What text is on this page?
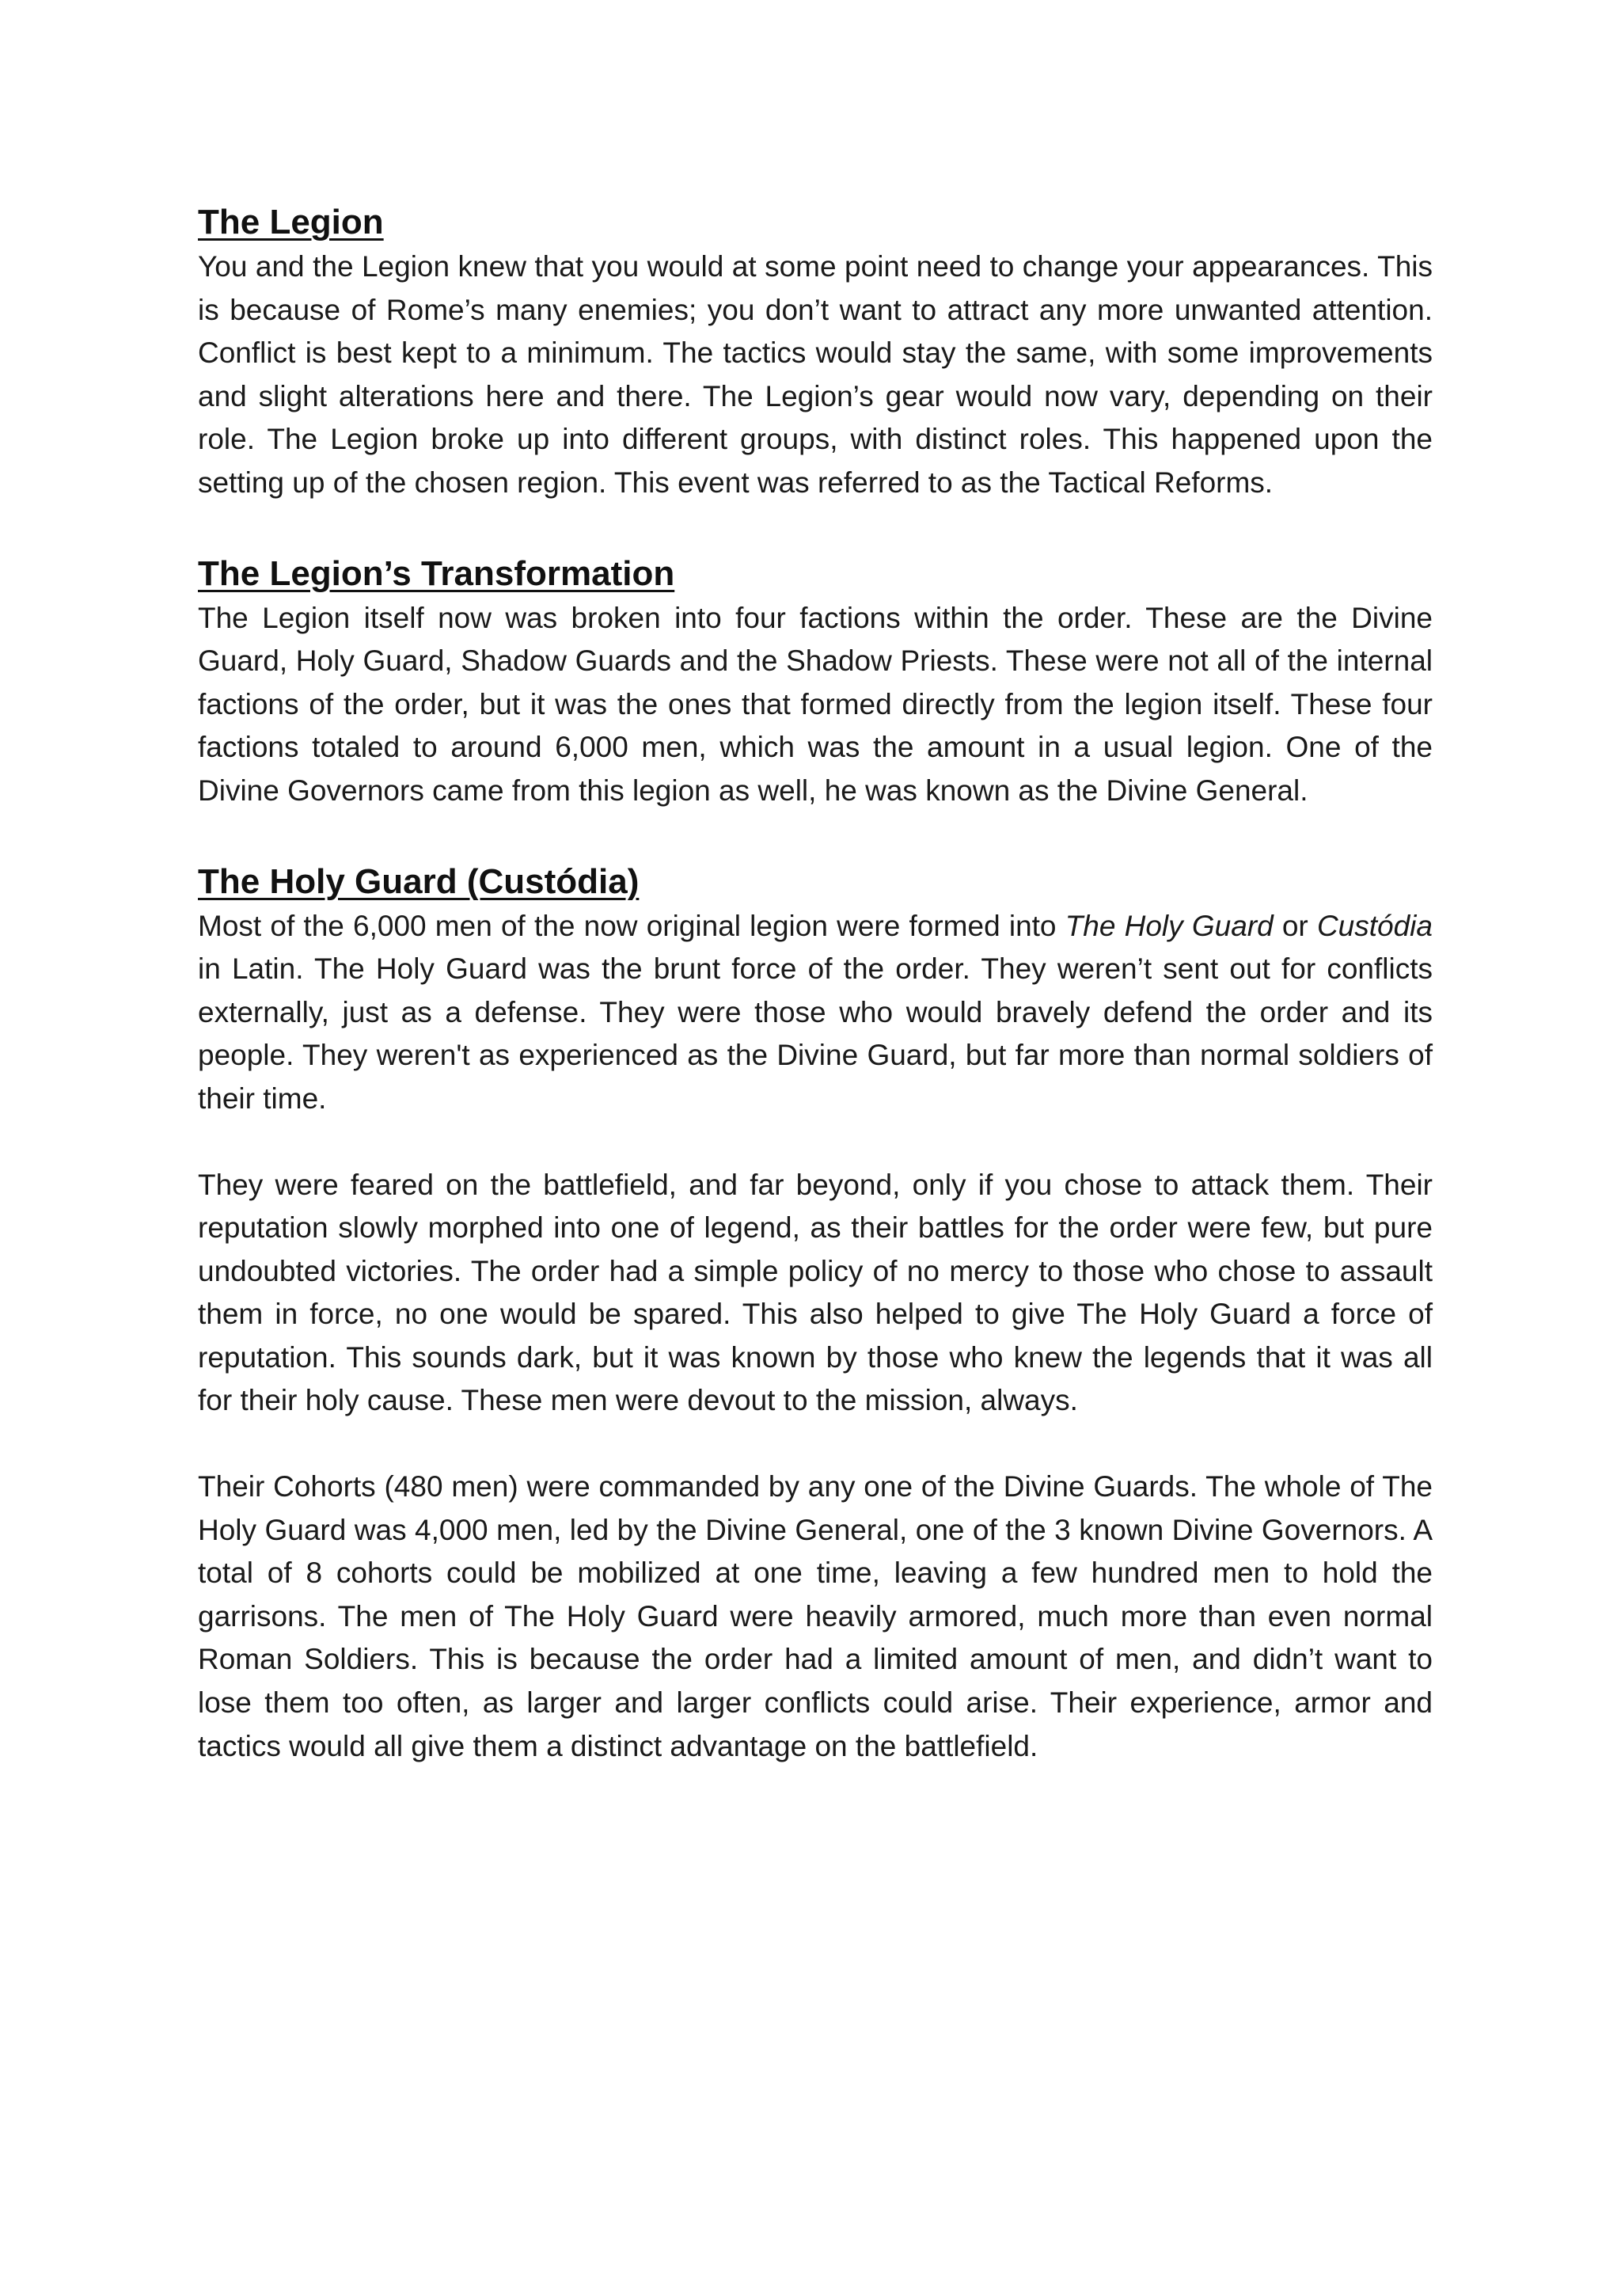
The Legion

You and the Legion knew that you would at some point need to change your appearances. This is because of Rome’s many enemies; you don’t want to attract any more unwanted attention. Conflict is best kept to a minimum. The tactics would stay the same, with some improvements and slight alterations here and there. The Legion’s gear would now vary, depending on their role. The Legion broke up into different groups, with distinct roles. This happened upon the setting up of the chosen region. This event was referred to as the Tactical Reforms.

The Legion’s Transformation

The Legion itself now was broken into four factions within the order. These are the Divine Guard, Holy Guard, Shadow Guards and the Shadow Priests. These were not all of the internal factions of the order, but it was the ones that formed directly from the legion itself. These four factions totaled to around 6,000 men, which was the amount in a usual legion. One of the Divine Governors came from this legion as well, he was known as the Divine General.

The Holy Guard (Custódia)

Most of the 6,000 men of the now original legion were formed into The Holy Guard or Custódia in Latin. The Holy Guard was the brunt force of the order. They weren’t sent out for conflicts externally, just as a defense. They were those who would bravely defend the order and its people. They weren't as experienced as the Divine Guard, but far more than normal soldiers of their time.

They were feared on the battlefield, and far beyond, only if you chose to attack them. Their reputation slowly morphed into one of legend, as their battles for the order were few, but pure undoubted victories. The order had a simple policy of no mercy to those who chose to assault them in force, no one would be spared. This also helped to give The Holy Guard a force of reputation. This sounds dark, but it was known by those who knew the legends that it was all for their holy cause. These men were devout to the mission, always.

Their Cohorts (480 men) were commanded by any one of the Divine Guards. The whole of The Holy Guard was 4,000 men, led by the Divine General, one of the 3 known Divine Governors. A total of 8 cohorts could be mobilized at one time, leaving a few hundred men to hold the garrisons. The men of The Holy Guard were heavily armored, much more than even normal Roman Soldiers. This is because the order had a limited amount of men, and didn’t want to lose them too often, as larger and larger conflicts could arise. Their experience, armor and tactics would all give them a distinct advantage on the battlefield.
